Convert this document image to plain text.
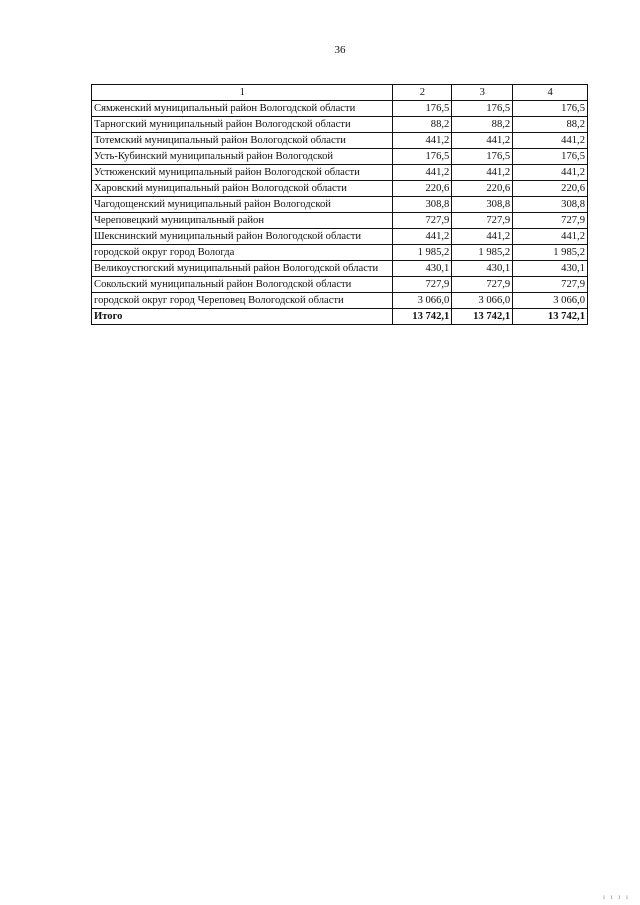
36
1	2	3	4
Сямженский муниципальный район Вологодской области	176,5	176,5	176,5
Тарногский муниципальный район Вологодской области	88,2	88,2	88,2
Тотемский муниципальный район Вологодской области	441,2	441,2	441,2
Усть-Кубинский муниципальный район Вологодской	176,5	176,5	176,5
Устюженский муниципальный район Вологодской области	441,2	441,2	441,2
Харовский муниципальный район Вологодской области	220,6	220,6	220,6
Чагодощенский муниципальный район Вологодской	308,8	308,8	308,8
Череповецкий муниципальный район	727,9	727,9	727,9
Шекснинский муниципальный район Вологодской области	441,2	441,2	441,2
городской округ город Вологда	1 985,2	1 985,2	1 985,2
Великоустюгский муниципальный район Вологодской области	430,1	430,1	430,1
Сокольский муниципальный район Вологодской области	727,9	727,9	727,9
городской округ город Череповец Вологодской области	3 066,0	3 066,0	3 066,0
Итого	13 742,1	13 742,1	13 742,1
ı ı ı ı
